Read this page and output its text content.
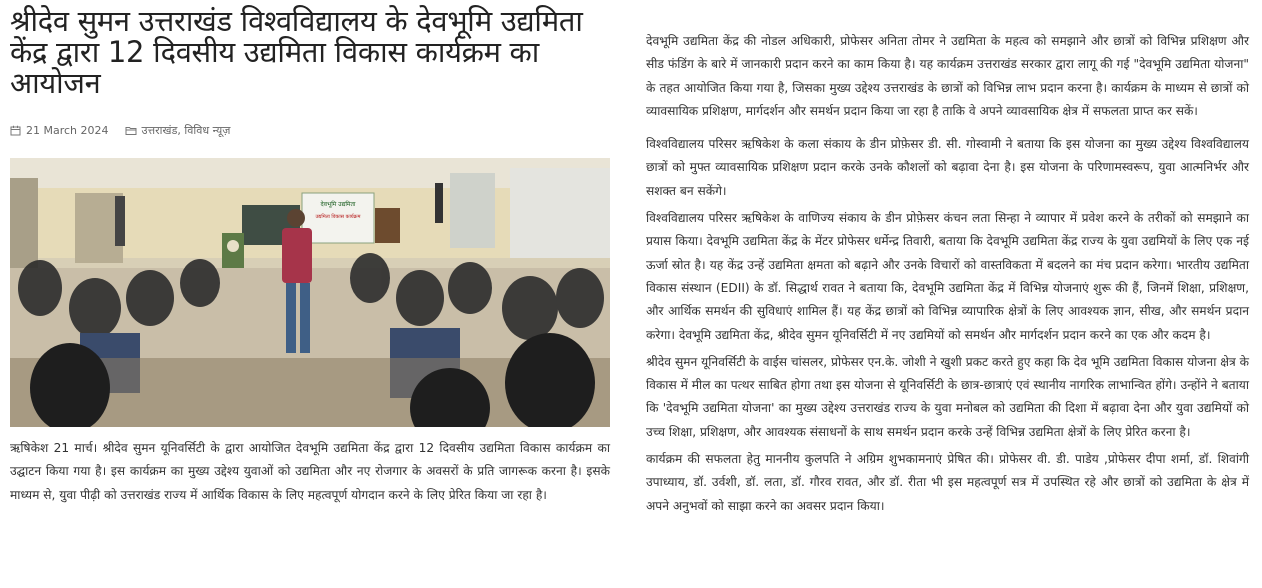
श्रीदेव सुमन उत्तराखंड विश्वविद्यालय के देवभूमि उद्यमिता केंद्र द्वारा 12 दिवसीय उद्यमिता विकास कार्यक्रम का आयोजन
21 March 2024	उत्तराखंड, विविध न्यूज़
देवभूमि उद्यमिता
उद्यमिता विकास कार्यक्रम

ऋषिकेश 21 मार्च। श्रीदेव सुमन यूनिवर्सिटी के द्वारा आयोजित देवभूमि उद्यमिता केंद्र द्वारा 12 दिवसीय उद्यमिता विकास कार्यक्रम का उद्घाटन किया गया है। इस कार्यक्रम का मुख्य उद्देश्य युवाओं को उद्यमिता और नए रोजगार के अवसरों के प्रति जागरूक करना है। इसके माध्यम से, युवा पीढ़ी को उत्तराखंड राज्य में आर्थिक विकास के लिए महत्वपूर्ण योगदान करने के लिए प्रेरित किया जा रहा है।

देवभूमि उद्यमिता केंद्र की नोडल अधिकारी, प्रोफेसर अनिता तोमर ने उद्यमिता के महत्व को समझाने और छात्रों को विभिन्न प्रशिक्षण और सीड फंडिंग के बारे में जानकारी प्रदान करने का काम किया है। यह कार्यक्रम उत्तराखंड सरकार द्वारा लागू की गई "देवभूमि उद्यमिता योजना" के तहत आयोजित किया गया है, जिसका मुख्य उद्देश्य उत्तराखंड के छात्रों को विभिन्न लाभ प्रदान करना है। कार्यक्रम के माध्यम से छात्रों को व्यावसायिक प्रशिक्षण, मार्गदर्शन और समर्थन प्रदान किया जा रहा है ताकि वे अपने व्यावसायिक क्षेत्र में सफलता प्राप्त कर सकें।

विश्वविद्यालय परिसर ऋषिकेश के कला संकाय के डीन प्रोफ़ेसर डी. सी. गोस्वामी ने बताया कि इस योजना का मुख्य उद्देश्य विश्वविद्यालय छात्रों को मुफ्त व्यावसायिक प्रशिक्षण प्रदान करके उनके कौशलों को बढ़ावा देना है। इस योजना के परिणामस्वरूप, युवा आत्मनिर्भर और सशक्त बन सकेंगे।

विश्वविद्यालय परिसर ऋषिकेश के वाणिज्य संकाय के डीन प्रोफ़ेसर कंचन लता सिन्हा ने व्यापार में प्रवेश करने के तरीकों को समझाने का प्रयास किया। देवभूमि उद्यमिता केंद्र के मेंटर प्रोफेसर धर्मेन्द्र तिवारी, बताया कि देवभूमि उद्यमिता केंद्र राज्य के युवा उद्यमियों के लिए एक नई ऊर्जा स्रोत है। यह केंद्र उन्हें उद्यमिता क्षमता को बढ़ाने और उनके विचारों को वास्तविकता में बदलने का मंच प्रदान करेगा। भारतीय उद्यमिता विकास संस्थान (EDII) के डॉ. सिद्धार्थ रावत ने बताया कि, देवभूमि उद्यमिता केंद्र में विभिन्न योजनाएं शुरू की हैं, जिनमें शिक्षा, प्रशिक्षण, और आर्थिक समर्थन की सुविधाएं शामिल हैं। यह केंद्र छात्रों को विभिन्न व्यापारिक क्षेत्रों के लिए आवश्यक ज्ञान, सीख, और समर्थन प्रदान करेगा। देवभूमि उद्यमिता केंद्र, श्रीदेव सुमन यूनिवर्सिटी में नए उद्यमियों को समर्थन और मार्गदर्शन प्रदान करने का एक और कदम है।

श्रीदेव सुमन यूनिवर्सिटी के वाईस चांसलर, प्रोफेसर एन.के. जोशी ने खुशी प्रकट करते हुए कहा कि देव भूमि उद्यमिता विकास योजना क्षेत्र के विकास में मील का पत्थर साबित होगा तथा इस योजना से यूनिवर्सिटी के छात्र-छात्राएं एवं स्थानीय नागरिक लाभान्वित होंगे। उन्होंने ने बताया कि 'देवभूमि उद्यमिता योजना' का मुख्य उद्देश्य उत्तराखंड राज्य के युवा मनोबल को उद्यमिता की दिशा में बढ़ावा देना और युवा उद्यमियों को उच्च शिक्षा, प्रशिक्षण, और आवश्यक संसाधनों के साथ समर्थन प्रदान करके उन्हें विभिन्न उद्यमिता क्षेत्रों के लिए प्रेरित करना है।

कार्यक्रम की सफलता हेतु माननीय कुलपति ने अग्रिम शुभकामनाएं प्रेषित की। प्रोफेसर वी. डी. पाडेय ,प्रोफेसर दीपा शर्मा, डॉ. शिवांगी उपाध्याय, डॉ. उर्वशी, डॉ. लता, डॉ. गौरव रावत, और डॉ. रीता भी इस महत्वपूर्ण सत्र में उपस्थित रहे और छात्रों को उद्यमिता के क्षेत्र में अपने अनुभवों को साझा करने का अवसर प्रदान किया।
